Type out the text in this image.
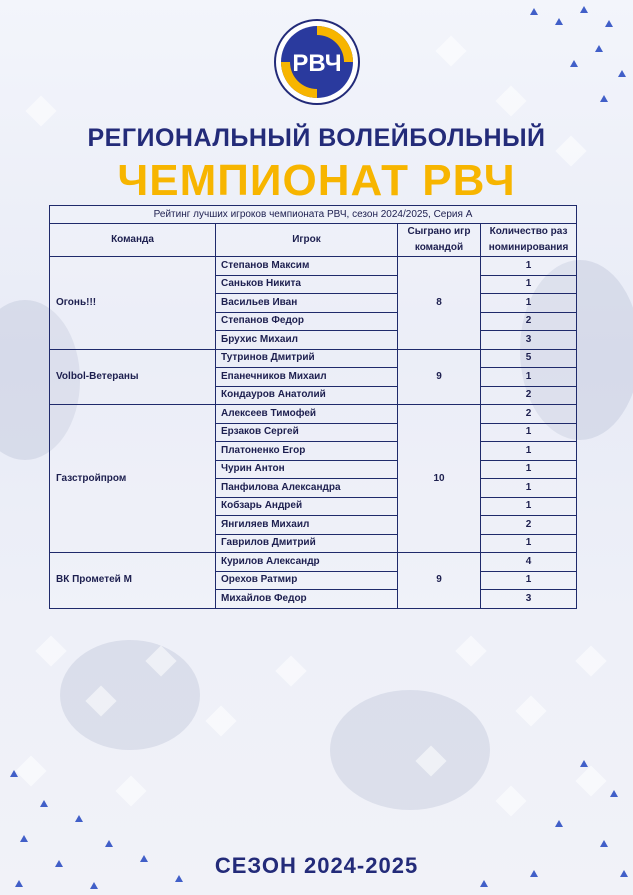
РВЧ
РЕГИОНАЛЬНЫЙ ВОЛЕЙБОЛЬНЫЙ
ЧЕМПИОНАТ РВЧ
Рейтинг лучших игроков чемпионата РВЧ, сезон 2024/2025, Серия А			
Команда	Игрок	Сыграно игр командой	Количество раз номинирования
Огонь!!!	Степанов Максим	8	1
	Саньков Никита		1
	Васильев Иван		1
	Степанов Федор		2
	Брухис Михаил		3
Volbol-Ветераны	Тутринов Дмитрий	9	5
	Епанечников Михаил		1
	Кондауров Анатолий		2
Газстройпром	Алексеев Тимофей	10	2
	Ерзаков Сергей		1
	Платоненко Егор		1
	Чурин Антон		1
	Панфилова Александра		1
	Кобзарь Андрей		1
	Янгиляев Михаил		2
	Гаврилов Дмитрий		1
ВК Прометей М	Курилов Александр	9	4
	Орехов Ратмир		1
	Михайлов Федор		3
СЕЗОН 2024-2025
